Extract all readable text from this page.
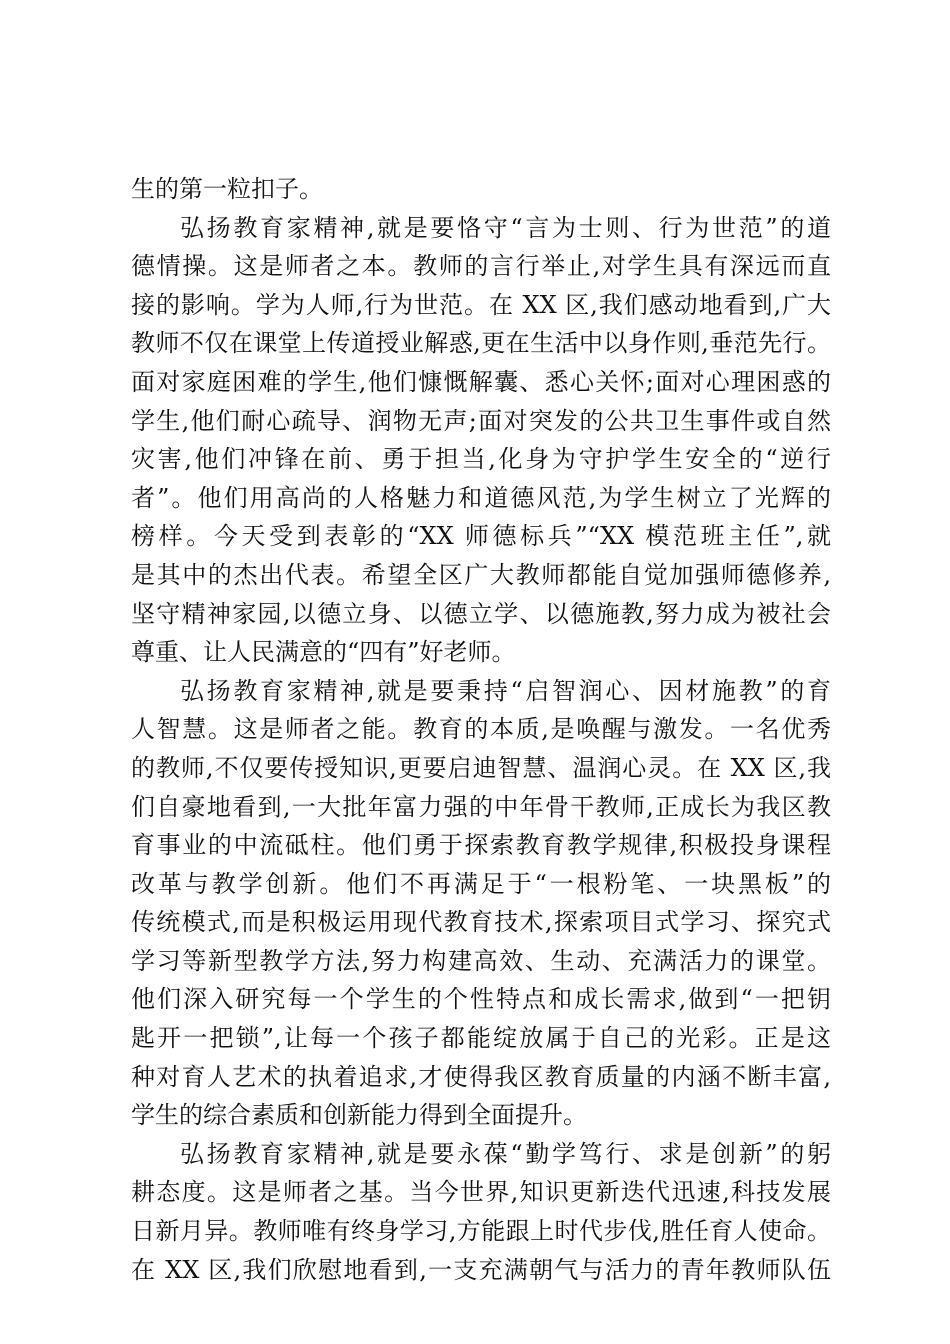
生的第一粒扣子。
弘扬教育家精神,就是要恪守“言为士则、行为世范”的道
德情操。这是师者之本。教师的言行举止,对学生具有深远而直
接的影响。学为人师,行为世范。在 XX 区,我们感动地看到,广大
教师不仅在课堂上传道授业解惑,更在生活中以身作则,垂范先行。
面对家庭困难的学生,他们慷慨解囊、悉心关怀;面对心理困惑的
学生,他们耐心疏导、润物无声;面对突发的公共卫生事件或自然
灾害,他们冲锋在前、勇于担当,化身为守护学生安全的“逆行
者”。他们用高尚的人格魅力和道德风范,为学生树立了光辉的
榜样。今天受到表彰的“XX 师德标兵”“XX 模范班主任”,就
是其中的杰出代表。希望全区广大教师都能自觉加强师德修养,
坚守精神家园,以德立身、以德立学、以德施教,努力成为被社会
尊重、让人民满意的“四有”好老师。
弘扬教育家精神,就是要秉持“启智润心、因材施教”的育
人智慧。这是师者之能。教育的本质,是唤醒与激发。一名优秀
的教师,不仅要传授知识,更要启迪智慧、温润心灵。在 XX 区,我
们自豪地看到,一大批年富力强的中年骨干教师,正成长为我区教
育事业的中流砥柱。他们勇于探索教育教学规律,积极投身课程
改革与教学创新。他们不再满足于“一根粉笔、一块黑板”的
传统模式,而是积极运用现代教育技术,探索项目式学习、探究式
学习等新型教学方法,努力构建高效、生动、充满活力的课堂。
他们深入研究每一个学生的个性特点和成长需求,做到“一把钥
匙开一把锁”,让每一个孩子都能绽放属于自己的光彩。正是这
种对育人艺术的执着追求,才使得我区教育质量的内涵不断丰富,
学生的综合素质和创新能力得到全面提升。
弘扬教育家精神,就是要永葆“勤学笃行、求是创新”的躬
耕态度。这是师者之基。当今世界,知识更新迭代迅速,科技发展
日新月异。教师唯有终身学习,方能跟上时代步伐,胜任育人使命。
在 XX 区,我们欣慰地看到,一支充满朝气与活力的青年教师队伍
